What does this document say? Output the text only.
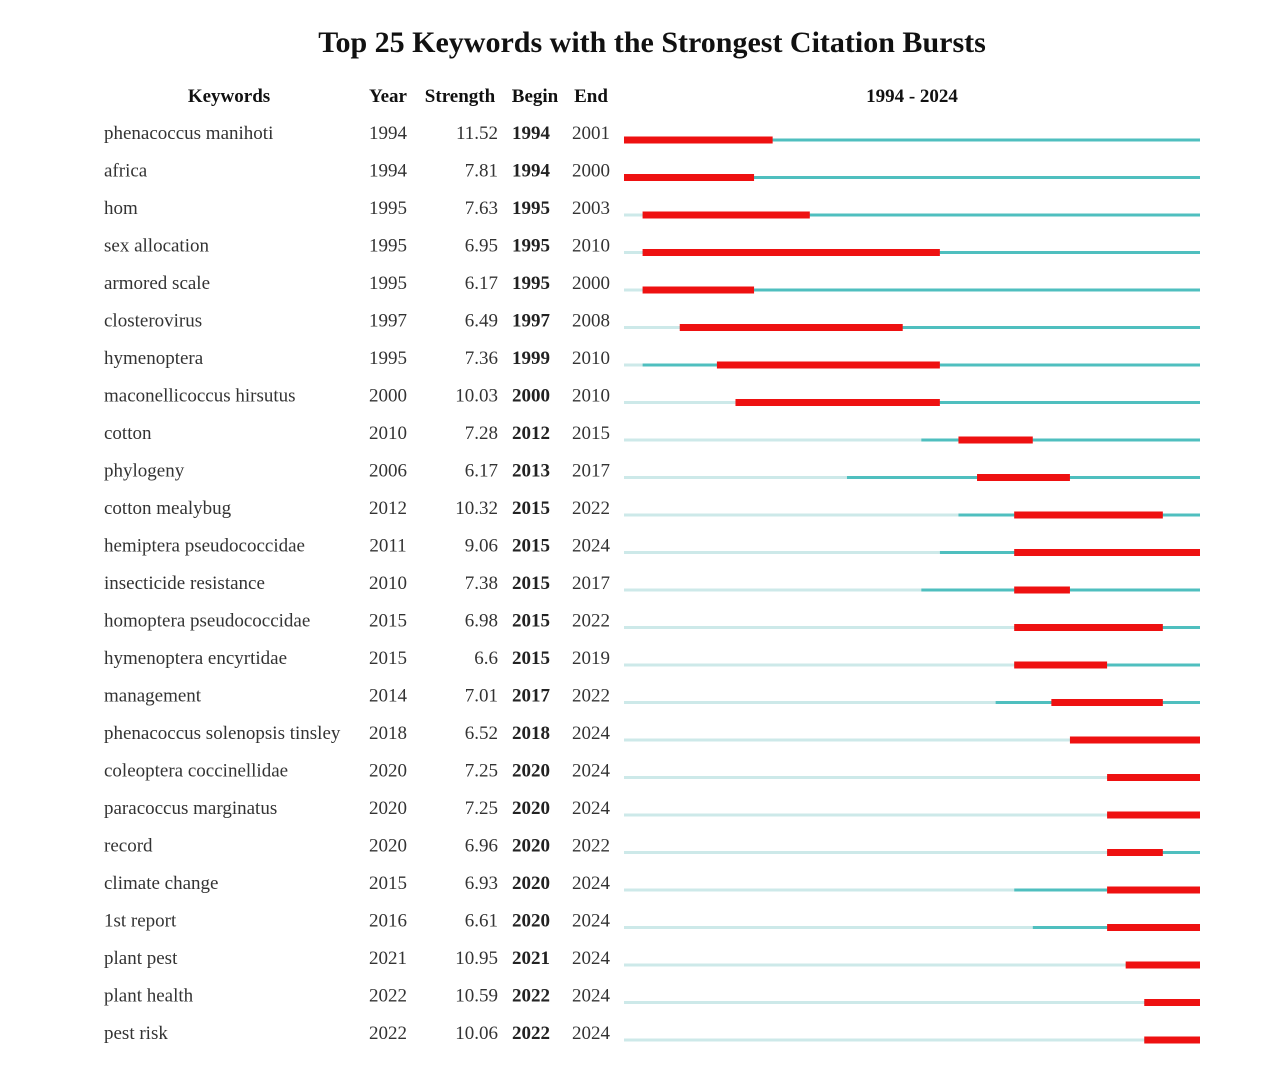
Top 25 Keywords with the Strongest Citation Bursts
Keywords	Year Strength Begin End	1994 - 2024
phenacoccus manihoti	1994	11.52 1994 2001
africa	1994	7.81 1994 2000
hom	1995	7.63 1995 2003
sex allocation	1995	6.95 1995 2010
armored scale	1995	6.17 1995 2000
closterovirus	1997	6.49 1997 2008
hymenoptera	1995	7.36 1999 2010
maconellicoccus hirsutus	2000	10.03 2000 2010
cotton	2010	7.28 2012 2015
phylogeny	2006	6.17 2013 2017
cotton mealybug	2012	10.32 2015 2022
hemiptera pseudococcidae	2011	9.06 2015 2024
insecticide resistance	2010	7.38 2015 2017
homoptera pseudococcidae	2015	6.98 2015 2022
hymenoptera encyrtidae	2015	6.6 2015 2019
management	2014	7.01 2017 2022
phenacoccus solenopsis tinsley 2018	6.52 2018 2024
coleoptera coccinellidae	2020	7.25 2020 2024
paracoccus marginatus	2020	7.25 2020 2024
record	2020	6.96 2020 2022
climate change	2015	6.93 2020 2024
1st report	2016	6.61 2020 2024
plant pest	2021	10.95 2021 2024
plant health	2022	10.59 2022 2024
pest risk	2022	10.06 2022 2024
